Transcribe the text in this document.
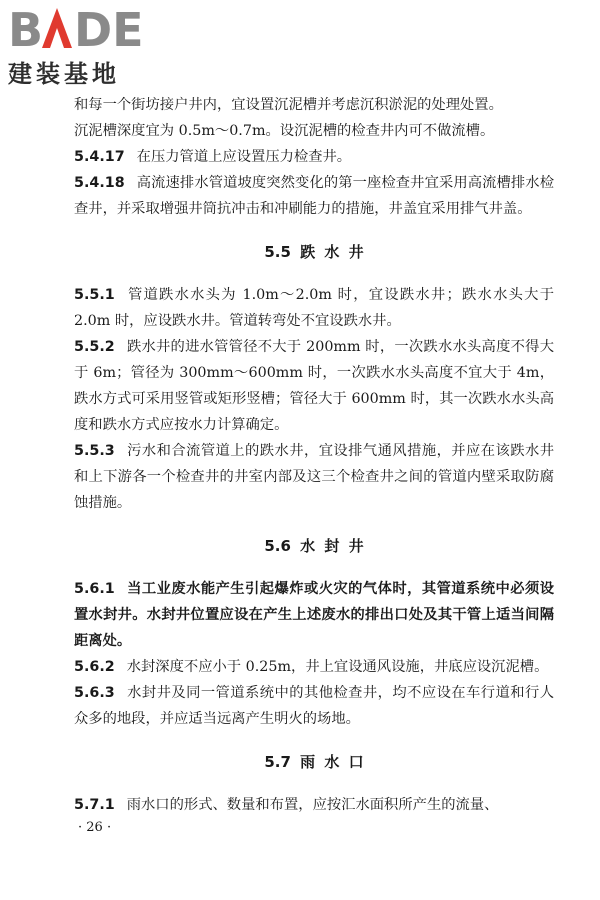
B DE
建装基地

和每一个街坊接户井内，宜设置沉泥槽并考虑沉积淤泥的处理处置。

沉泥槽深度宜为 0.5m～0.7m。设沉泥槽的检查井内可不做流槽。

5.4.17 在压力管道上应设置压力检查井。

5.4.18 高流速排水管道坡度突然变化的第一座检查井宜采用高流槽排水检查井，并采取增强井筒抗冲击和冲刷能力的措施，井盖宜采用排气井盖。

5.5 跌 水 井

5.5.1 管道跌水水头为 1.0m～2.0m 时，宜设跌水井；跌水水头大于 2.0m 时，应设跌水井。管道转弯处不宜设跌水井。

5.5.2 跌水井的进水管管径不大于 200mm 时，一次跌水水头高度不得大于 6m；管径为 300mm～600mm 时，一次跌水水头高度不宜大于 4m，跌水方式可采用竖管或矩形竖槽；管径大于 600mm 时，其一次跌水水头高度和跌水方式应按水力计算确定。

5.5.3 污水和合流管道上的跌水井，宜设排气通风措施，并应在该跌水井和上下游各一个检查井的井室内部及这三个检查井之间的管道内壁采取防腐蚀措施。

5.6 水 封 井

5.6.1 当工业废水能产生引起爆炸或火灾的气体时，其管道系统中必须设置水封井。水封井位置应设在产生上述废水的排出口处及其干管上适当间隔距离处。

5.6.2 水封深度不应小于 0.25m，井上宜设通风设施，井底应设沉泥槽。

5.6.3 水封井及同一管道系统中的其他检查井，均不应设在车行道和行人众多的地段，并应适当远离产生明火的场地。

5.7 雨 水 口

5.7.1 雨水口的形式、数量和布置，应按汇水面积所产生的流量、

· 26 ·
